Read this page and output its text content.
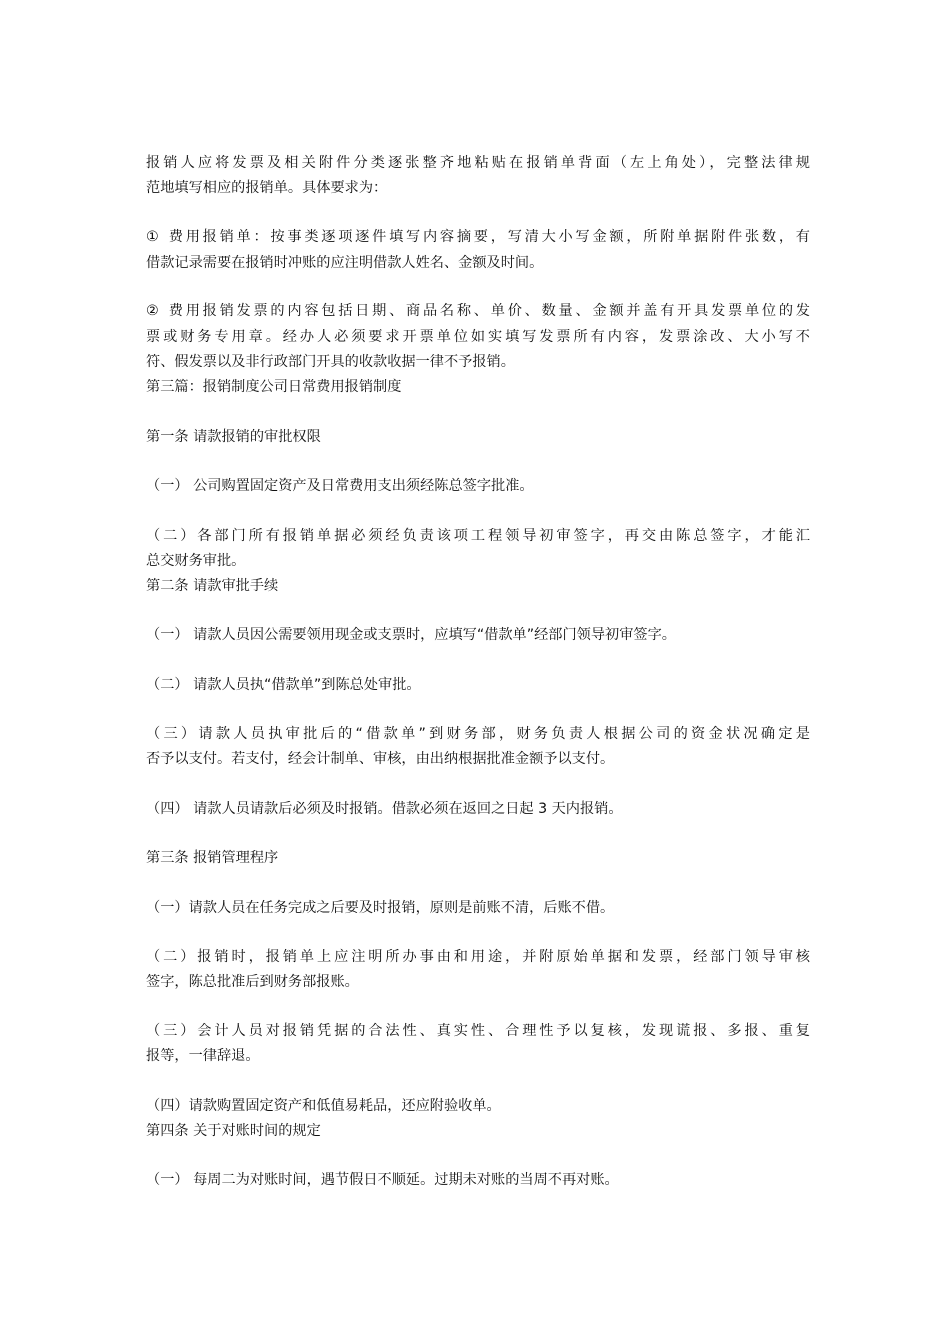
报销人应将发票及相关附件分类逐张整齐地粘贴在报销单背面（左上角处），完整法律规
范地填写相应的报销单。具体要求为：
① 费用报销单：按事类逐项逐件填写内容摘要，写清大小写金额，所附单据附件张数，有
借款记录需要在报销时冲账的应注明借款人姓名、金额及时间。
② 费用报销发票的内容包括日期、商品名称、单价、数量、金额并盖有开具发票单位的发
票或财务专用章。经办人必须要求开票单位如实填写发票所有内容，发票涂改、大小写不
符、假发票以及非行政部门开具的收款收据一律不予报销。
第三篇：报销制度公司日常费用报销制度
第一条 请款报销的审批权限
（一） 公司购置固定资产及日常费用支出须经陈总签字批准。
（二）各部门所有报销单据必须经负责该项工程领导初审签字，再交由陈总签字，才能汇
总交财务审批。
第二条 请款审批手续
（一） 请款人员因公需要领用现金或支票时，应填写“借款单”经部门领导初审签字。
（二） 请款人员执“借款单”到陈总处审批。
（三）请款人员执审批后的“借款单”到财务部，财务负责人根据公司的资金状况确定是
否予以支付。若支付，经会计制单、审核，由出纳根据批准金额予以支付。
（四） 请款人员请款后必须及时报销。借款必须在返回之日起 3 天内报销。
第三条 报销管理程序
（一）请款人员在任务完成之后要及时报销，原则是前账不清，后账不借。
（二）报销时，报销单上应注明所办事由和用途，并附原始单据和发票，经部门领导审核
签字，陈总批准后到财务部报账。
（三）会计人员对报销凭据的合法性、真实性、合理性予以复核，发现谎报、多报、重复
报等，一律辞退。
（四）请款购置固定资产和低值易耗品，还应附验收单。
第四条 关于对账时间的规定
（一） 每周二为对账时间，遇节假日不顺延。过期未对账的当周不再对账。
